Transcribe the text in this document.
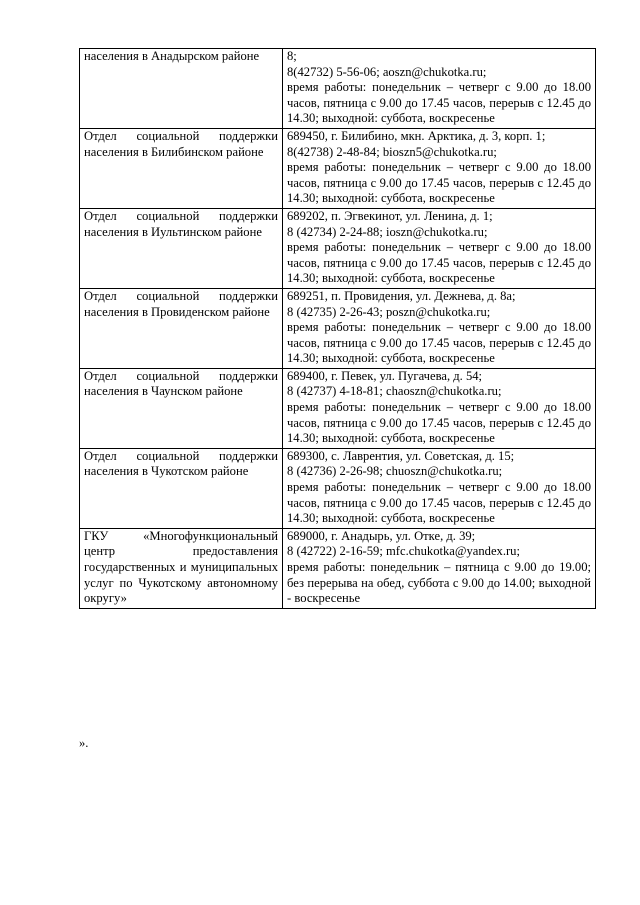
населения в Анадырском районе	8;
8(42732) 5-56-06; aoszn@chukotka.ru;
время работы: понедельник – четверг с 9.00 до 18.00 часов, пятница с 9.00 до 17.45 часов, перерыв с 12.45 до 14.30; выходной: суббота, воскресенье

Отдел социальной поддержки населения в Билибинском районе	689450, г. Билибино, мкн. Арктика, д. 3, корп. 1;
8(42738) 2-48-84; bioszn5@chukotka.ru;
время работы: понедельник – четверг с 9.00 до 18.00 часов, пятница с 9.00 до 17.45 часов, перерыв с 12.45 до 14.30; выходной: суббота, воскресенье

Отдел социальной поддержки населения в Иультинском районе	689202, п. Эгвекинот, ул. Ленина, д. 1;
8 (42734) 2-24-88; ioszn@chukotka.ru;
время работы: понедельник – четверг с 9.00 до 18.00 часов, пятница с 9.00 до 17.45 часов, перерыв с 12.45 до 14.30; выходной: суббота, воскресенье

Отдел социальной поддержки населения в Провиденском районе	689251, п. Провидения, ул. Дежнева, д. 8а;
8 (42735) 2-26-43; poszn@chukotka.ru;
время работы: понедельник – четверг с 9.00 до 18.00 часов, пятница с 9.00 до 17.45 часов, перерыв с 12.45 до 14.30; выходной: суббота, воскресенье

Отдел социальной поддержки населения в Чаунском районе	689400, г. Певек, ул. Пугачева, д. 54;
8 (42737) 4-18-81; chaoszn@chukotka.ru;
время работы: понедельник – четверг с 9.00 до 18.00 часов, пятница с 9.00 до 17.45 часов, перерыв с 12.45 до 14.30; выходной: суббота, воскресенье

Отдел социальной поддержки населения в Чукотском районе	689300, с. Лаврентия, ул. Советская, д. 15;
8 (42736) 2-26-98; chuoszn@chukotka.ru;
время работы: понедельник – четверг с 9.00 до 18.00 часов, пятница с 9.00 до 17.45 часов, перерыв с 12.45 до 14.30; выходной: суббота, воскресенье

ГКУ «Многофункциональный центр предоставления государственных и муниципальных услуг по Чукотскому автономному округу»	689000, г. Анадырь, ул. Отке, д. 39;
8 (42722) 2-16-59; mfc.chukotka@yandex.ru;
время работы: понедельник – пятница с 9.00 до 19.00; без перерыва на обед, суббота с 9.00 до 14.00; выходной - воскресенье
».
